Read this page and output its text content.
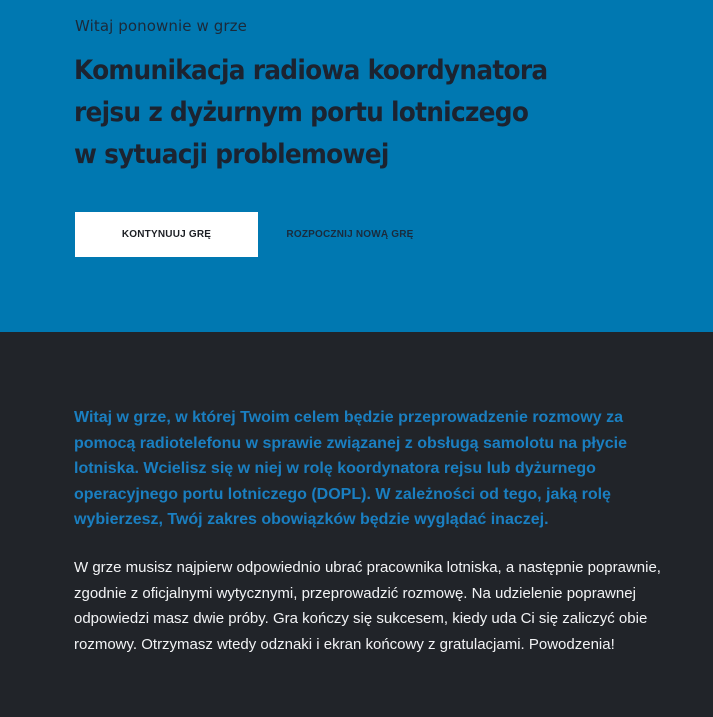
Witaj ponownie w grze

Komunikacja radiowa koordynatora
rejsu z dyżurnym portu lotniczego
w sytuacji problemowej
KONTYNUUJ GRĘ	ROZPOCZNIJ NOWĄ GRĘ

Witaj w grze, w której Twoim celem będzie przeprowadzenie rozmowy za pomocą radiotelefonu w sprawie związanej z obsługą samolotu na płycie lotniska. Wcielisz się w niej w rolę koordynatora rejsu lub dyżurnego operacyjnego portu lotniczego (DOPL). W zależności od tego, jaką rolę wybierzesz, Twój zakres obowiązków będzie wyglądać inaczej.

W grze musisz najpierw odpowiednio ubrać pracownika lotniska, a następnie poprawnie, zgodnie z oficjalnymi wytycznymi, przeprowadzić rozmowę. Na udzielenie poprawnej odpowiedzi masz dwie próby. Gra kończy się sukcesem, kiedy uda Ci się zaliczyć obie rozmowy. Otrzymasz wtedy odznaki i ekran końcowy z gratulacjami. Powodzenia!
